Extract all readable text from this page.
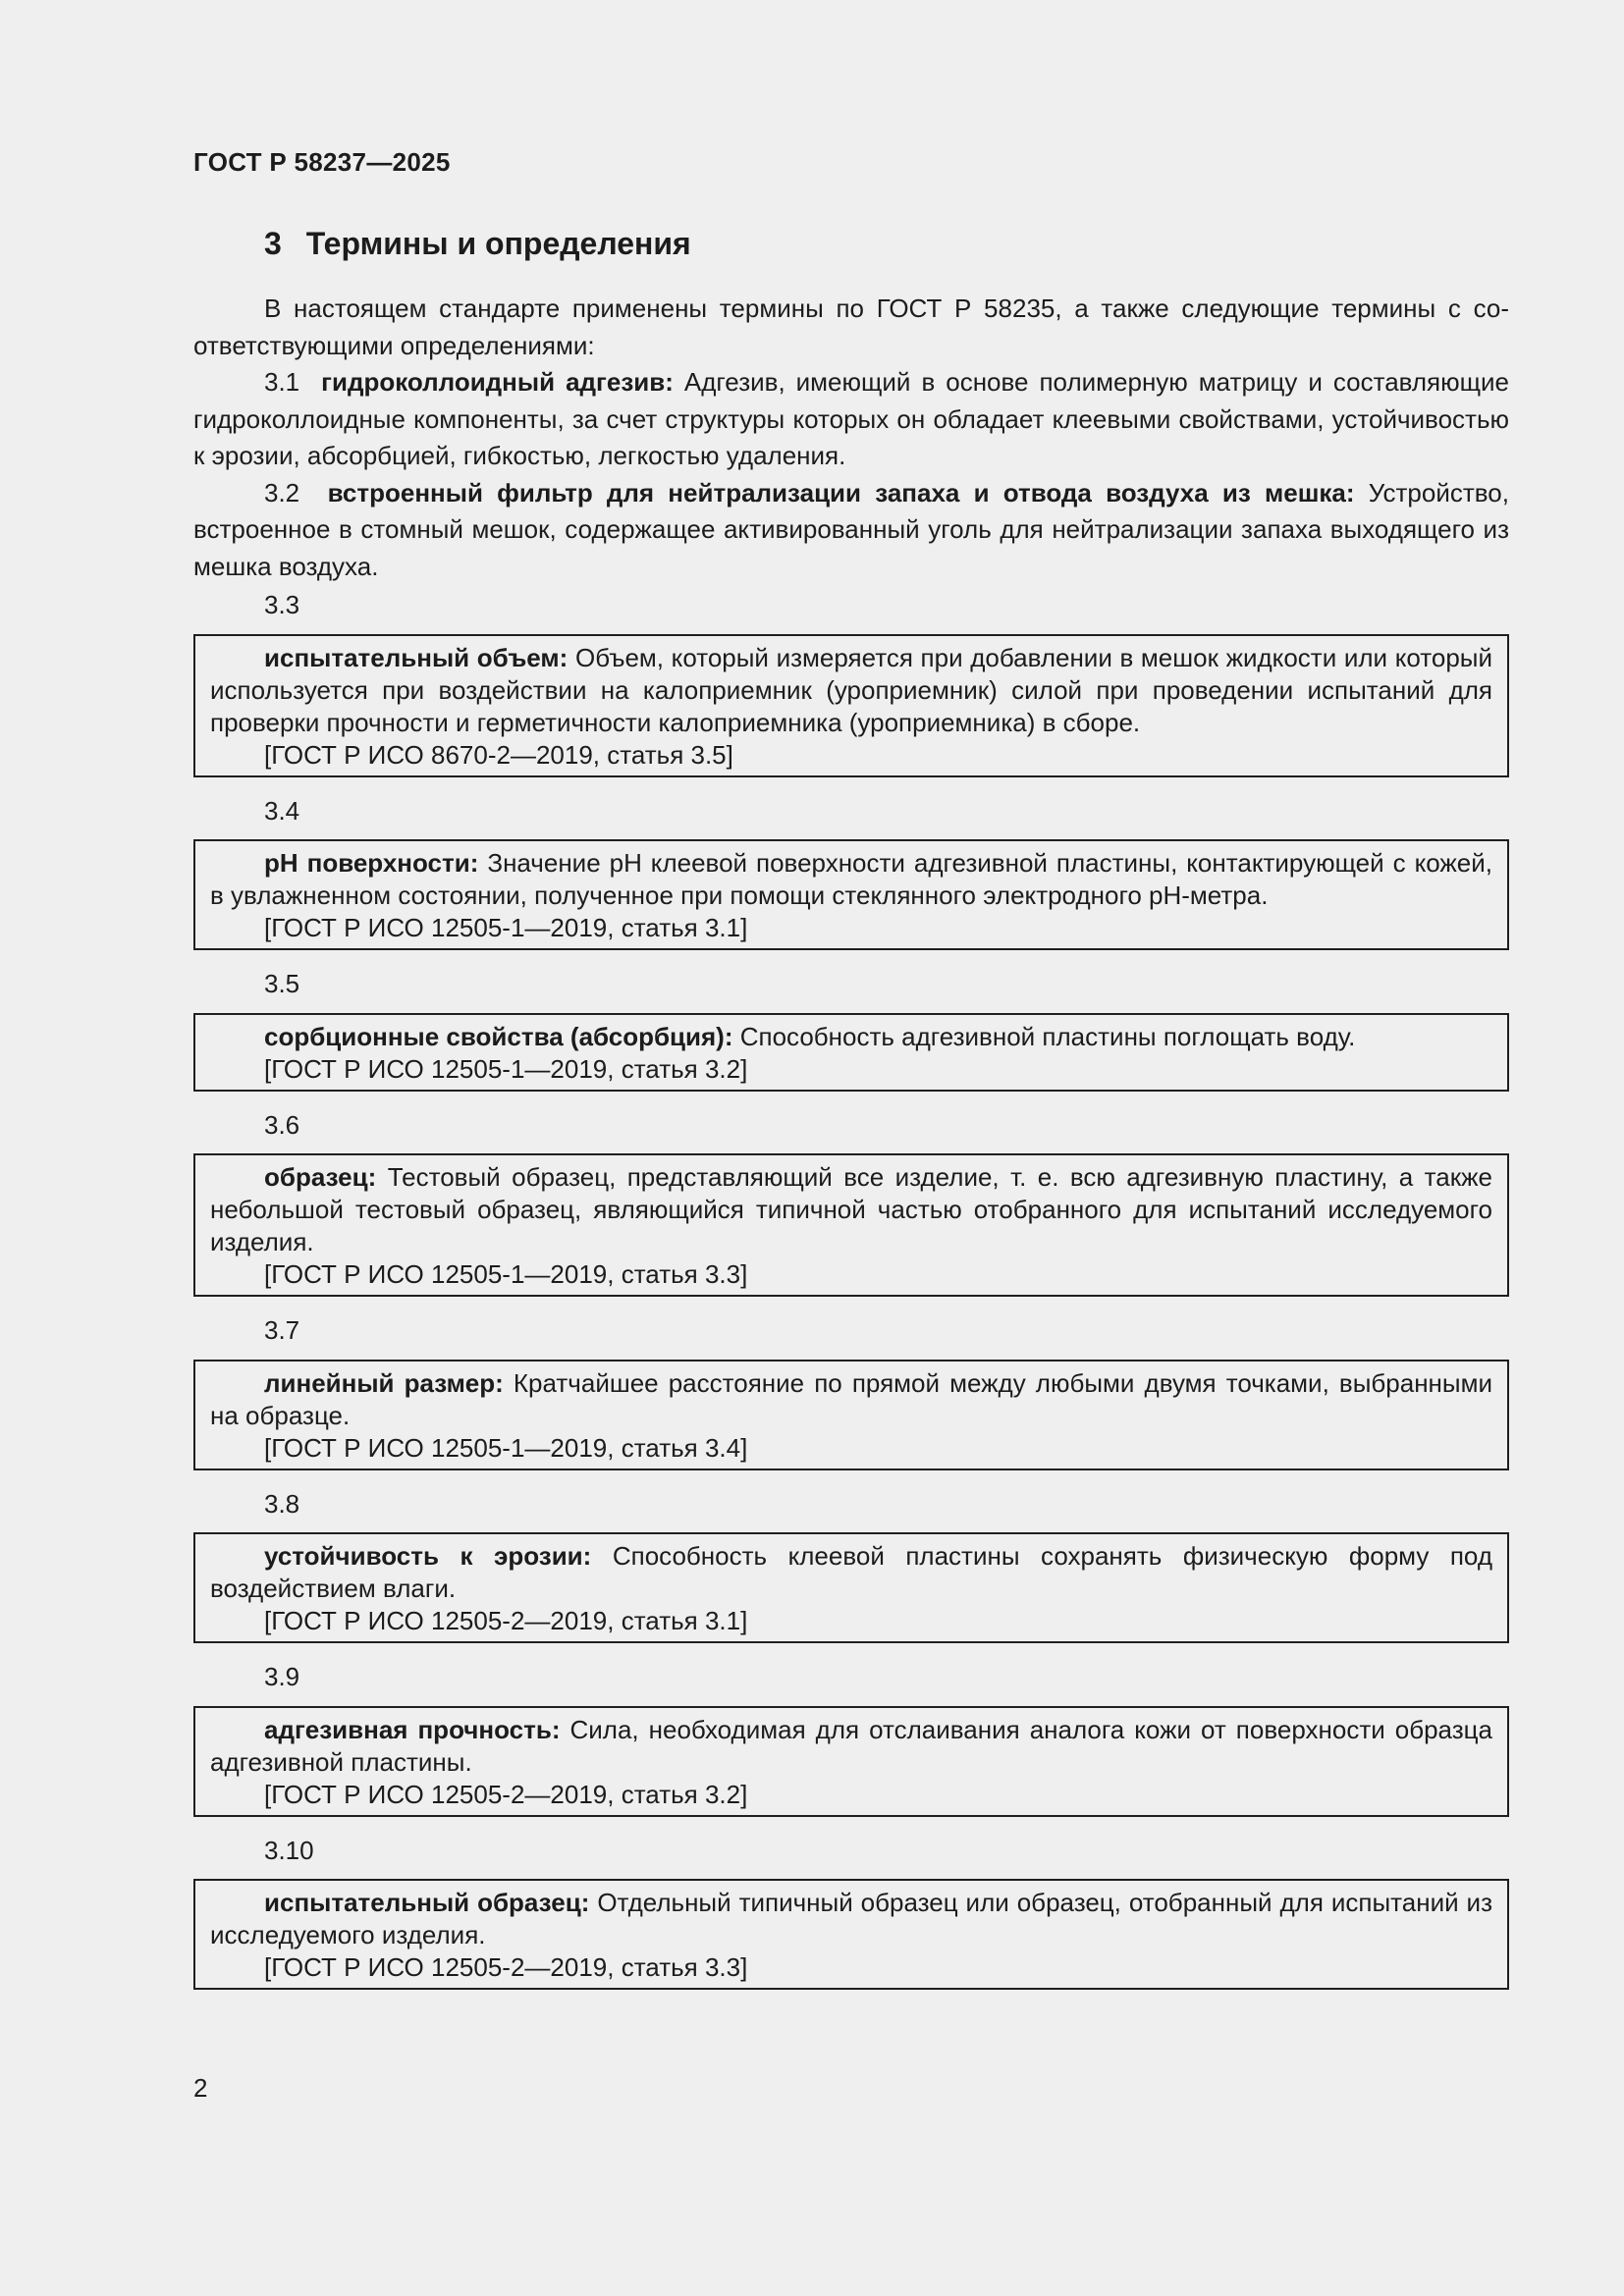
ГОСТ Р 58237—2025
3 Термины и определения

В настоящем стандарте применены термины по ГОСТ Р 58235, а также следующие термины с соответствующими определениями:

3.1 гидроколлоидный адгезив: Адгезив, имеющий в основе полимерную матрицу и составляющие гидроколлоидные компоненты, за счет структуры которых он обладает клеевыми свойствами, устойчивостью к эрозии, абсорбцией, гибкостью, легкостью удаления.

3.2 встроенный фильтр для нейтрализации запаха и отвода воздуха из мешка: Устройство, встроенное в стомный мешок, содержащее активированный уголь для нейтрализации запаха выходящего из мешка воздуха.

3.3

испытательный объем: Объем, который измеряется при добавлении в мешок жидкости или который используется при воздействии на калоприемник (уроприемник) силой при проведении испытаний для проверки прочности и герметичности калоприемника (уроприемника) в сборе.

[ГОСТ Р ИСО 8670-2—2019, статья 3.5]

3.4

pH поверхности: Значение pH клеевой поверхности адгезивной пластины, контактирующей с кожей, в увлажненном состоянии, полученное при помощи стеклянного электродного pH-метра.

[ГОСТ Р ИСО 12505-1—2019, статья 3.1]

3.5

сорбционные свойства (абсорбция): Способность адгезивной пластины поглощать воду.

[ГОСТ Р ИСО 12505-1—2019, статья 3.2]

3.6

образец: Тестовый образец, представляющий все изделие, т. е. всю адгезивную пластину, а также небольшой тестовый образец, являющийся типичной частью отобранного для испытаний исследуемого изделия.

[ГОСТ Р ИСО 12505-1—2019, статья 3.3]

3.7

линейный размер: Кратчайшее расстояние по прямой между любыми двумя точками, выбранными на образце.

[ГОСТ Р ИСО 12505-1—2019, статья 3.4]

3.8

устойчивость к эрозии: Способность клеевой пластины сохранять физическую форму под воздействием влаги.

[ГОСТ Р ИСО 12505-2—2019, статья 3.1]

3.9

адгезивная прочность: Сила, необходимая для отслаивания аналога кожи от поверхности образца адгезивной пластины.

[ГОСТ Р ИСО 12505-2—2019, статья 3.2]

3.10

испытательный образец: Отдельный типичный образец или образец, отобранный для испытаний из исследуемого изделия.

[ГОСТ Р ИСО 12505-2—2019, статья 3.3]

2
